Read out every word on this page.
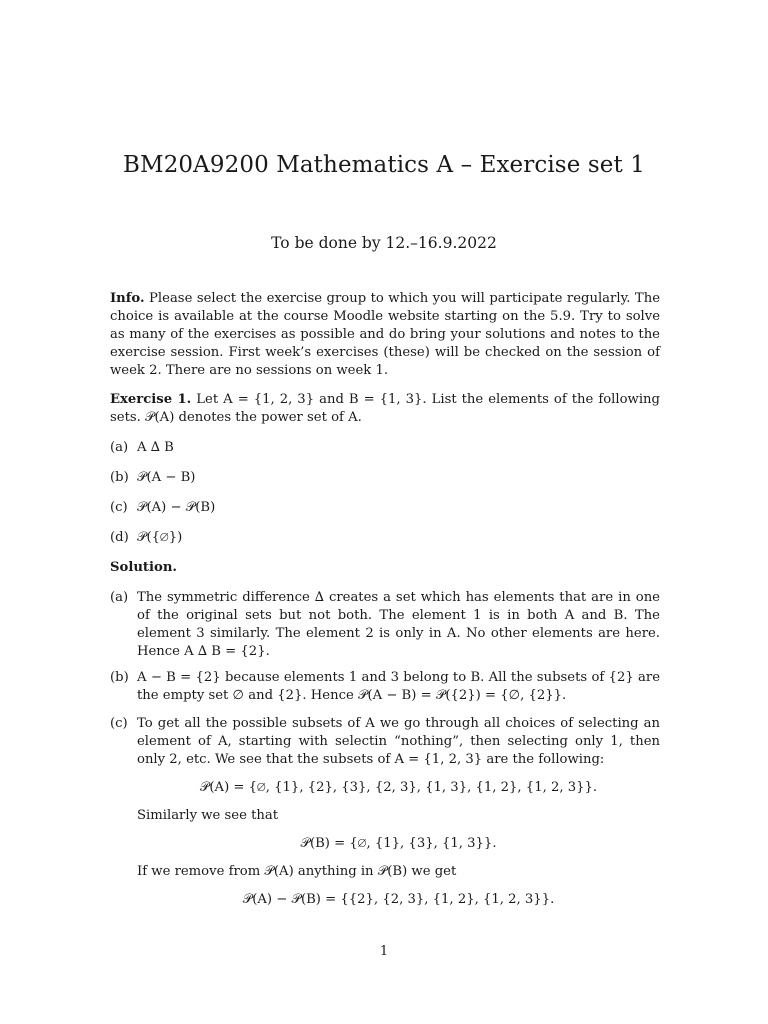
BM20A9200 Mathematics A – Exercise set 1
To be done by 12.–16.9.2022

Info. Please select the exercise group to which you will participate regularly. The choice is available at the course Moodle website starting on the 5.9. Try to solve as many of the exercises as possible and do bring your solutions and notes to the exercise session. First week’s exercises (these) will be checked on the session of week 2. There are no sessions on week 1.

Exercise 1. Let A = {1, 2, 3} and B = {1, 3}. List the elements of the following sets. 𝒫(A) denotes the power set of A.

(a) A ∆ B
(b) 𝒫(A − B)
(c) 𝒫(A) − 𝒫(B)
(d) 𝒫({∅})

Solution.

(a) The symmetric difference ∆ creates a set which has elements that are in one of the original sets but not both. The element 1 is in both A and B. The element 3 similarly. The element 2 is only in A. No other elements are here. Hence A ∆ B = {2}.
(b) A − B = {2} because elements 1 and 3 belong to B. All the subsets of {2} are the empty set ∅ and {2}. Hence 𝒫(A − B) = 𝒫({2}) = {∅, {2}}.
(c) To get all the possible subsets of A we go through all choices of selecting an element of A, starting with selectin “nothing”, then selecting only 1, then only 2, etc. We see that the subsets of A = {1, 2, 3} are the following:

𝒫(A) = {∅, {1}, {2}, {3}, {2, 3}, {1, 3}, {1, 2}, {1, 2, 3}}.

Similarly we see that

𝒫(B) = {∅, {1}, {3}, {1, 3}}.

If we remove from 𝒫(A) anything in 𝒫(B) we get

𝒫(A) − 𝒫(B) = {{2}, {2, 3}, {1, 2}, {1, 2, 3}}.

1
